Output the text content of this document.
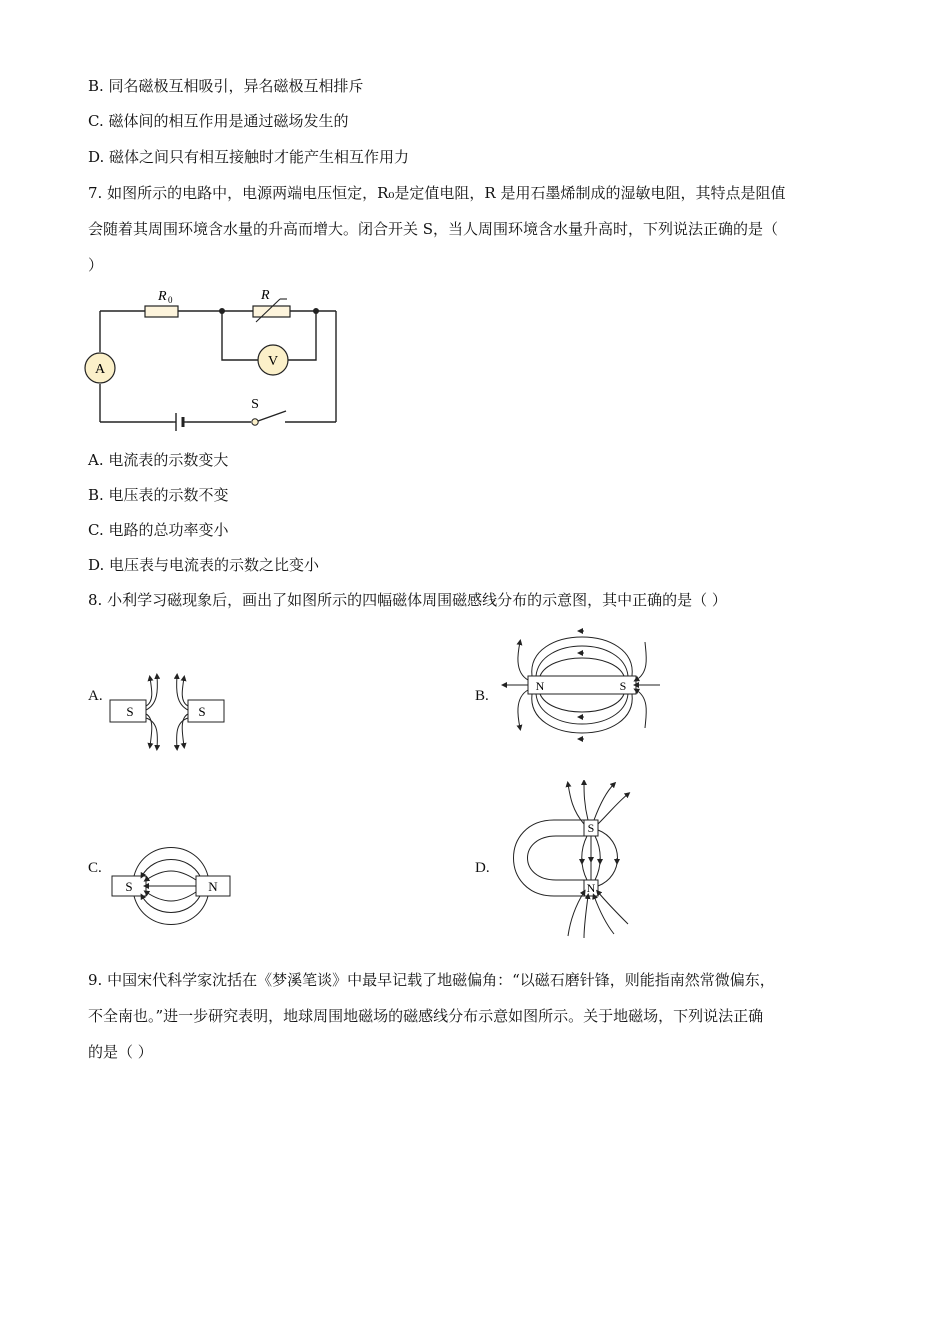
B. 同名磁极互相吸引，异名磁极互相排斥
C. 磁体间的相互作用是通过磁场发生的
D. 磁体之间只有相互接触时才能产生相互作用力
7. 如图所示的电路中，电源两端电压恒定，R₀是定值电阻，R 是用石墨烯制成的湿敏电阻，其特点是阻值
会随着其周围环境含水量的升高而增大。闭合开关 S，当人周围环境含水量升高时，下列说法正确的是（
）
A
V
S
R 0	R
A. 电流表的示数变大
B. 电压表的示数不变
C. 电路的总功率变小
D. 电压表与电流表的示数之比变小
8. 小利学习磁现象后，画出了如图所示的四幅磁体周围磁感线分布的示意图，其中正确的是（ ）
A.	B.
C.	D.
S	S
N	S
S	N
S
N
9. 中国宋代科学家沈括在《梦溪笔谈》中最早记载了地磁偏角：“以磁石磨针锋，则能指南然常微偏东，
不全南也。”进一步研究表明，地球周围地磁场的磁感线分布示意如图所示。关于地磁场，下列说法正确
的是（ ）
